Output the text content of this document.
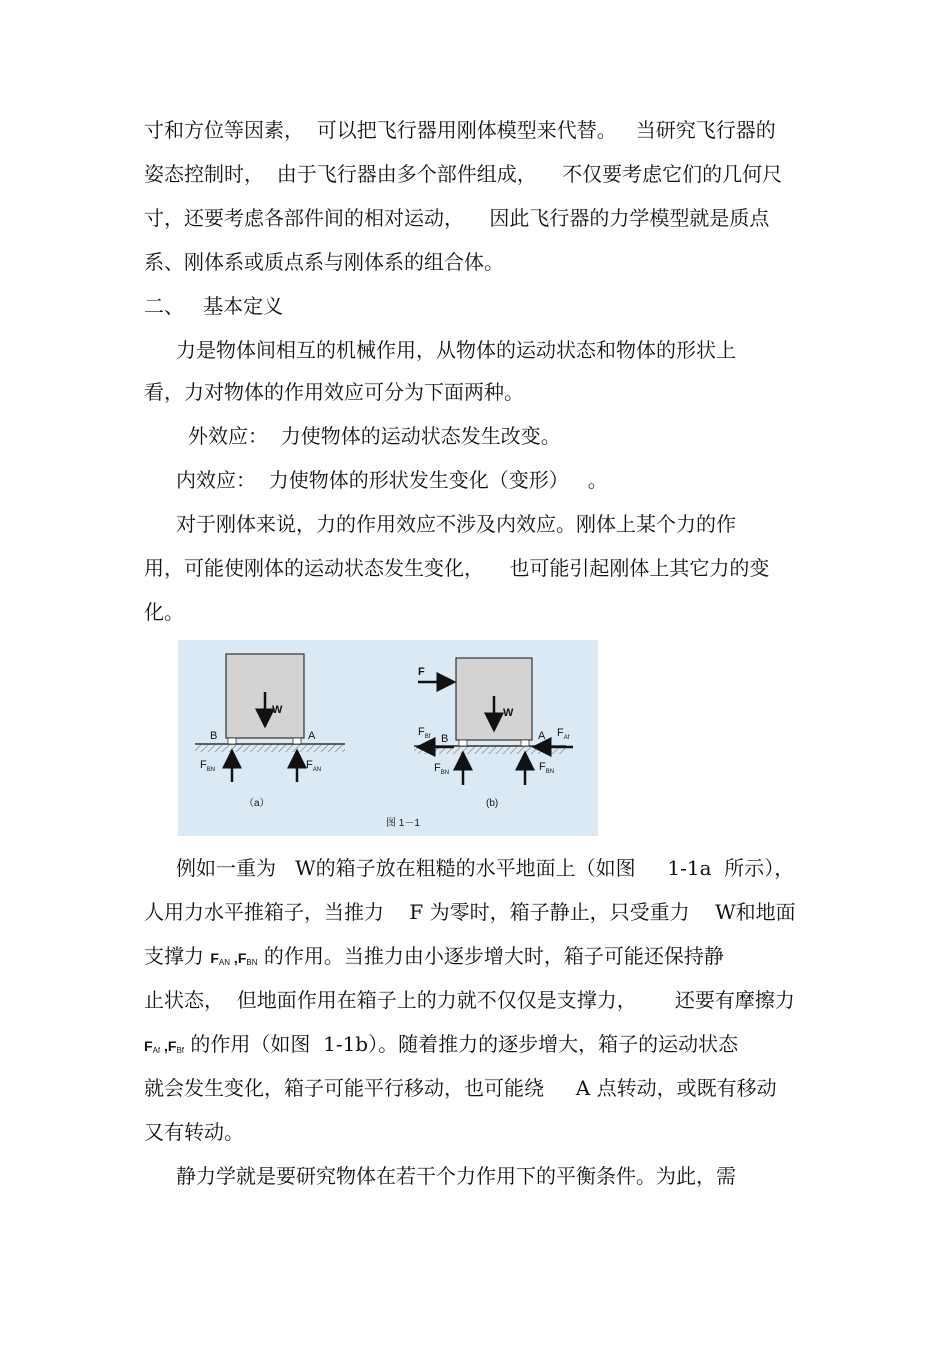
寸和方位等因素，  可以把飞行器用刚体模型来代替。   当研究飞行器的
姿态控制时，  由于飞行器由多个部件组成，    不仅要考虑它们的几何尺
寸，还要考虑各部件间的相对运动，    因此飞行器的力学模型就是质点
系、刚体系或质点系与刚体系的组合体。
二、   基本定义
力是物体间相互的机械作用，从物体的运动状态和物体的形状上
看，力对物体的作用效应可分为下面两种。
外效应：  力使物体的运动状态发生改变。
内效应：  力使物体的形状发生变化（变形）   。
对于刚体来说，力的作用效应不涉及内效应。刚体上某个力的作
用，可能使刚体的运动状态发生变化，    也可能引起刚体上其它力的变
化。
W
B	A
$F_{BN}$	$F_{AN}$
（a）
F
W
B	A
$F_{Bf}$	$F_{Af}$
$F_{BN}$	$F_{BN}$
(b)
图 1－1
例如一重为   W的箱子放在粗糙的水平地面上（如图     1-1a  所示），
人用力水平推箱子，当推力    F 为零时，箱子静止，只受重力    W和地面
支撑力 $F_{AN}$ $,F_{BN}$ 的作用。当推力由小逐步增大时，箱子可能还保持静
止状态，  但地面作用在箱子上的力就不仅仅是支撑力，      还要有摩擦力
$F_{Af}$ $,F_{Bf}$ 的作用（如图  1-1b）。随着推力的逐步增大，箱子的运动状态
就会发生变化，箱子可能平行移动，也可能绕     A 点转动，或既有移动
又有转动。
静力学就是要研究物体在若干个力作用下的平衡条件。为此，需
